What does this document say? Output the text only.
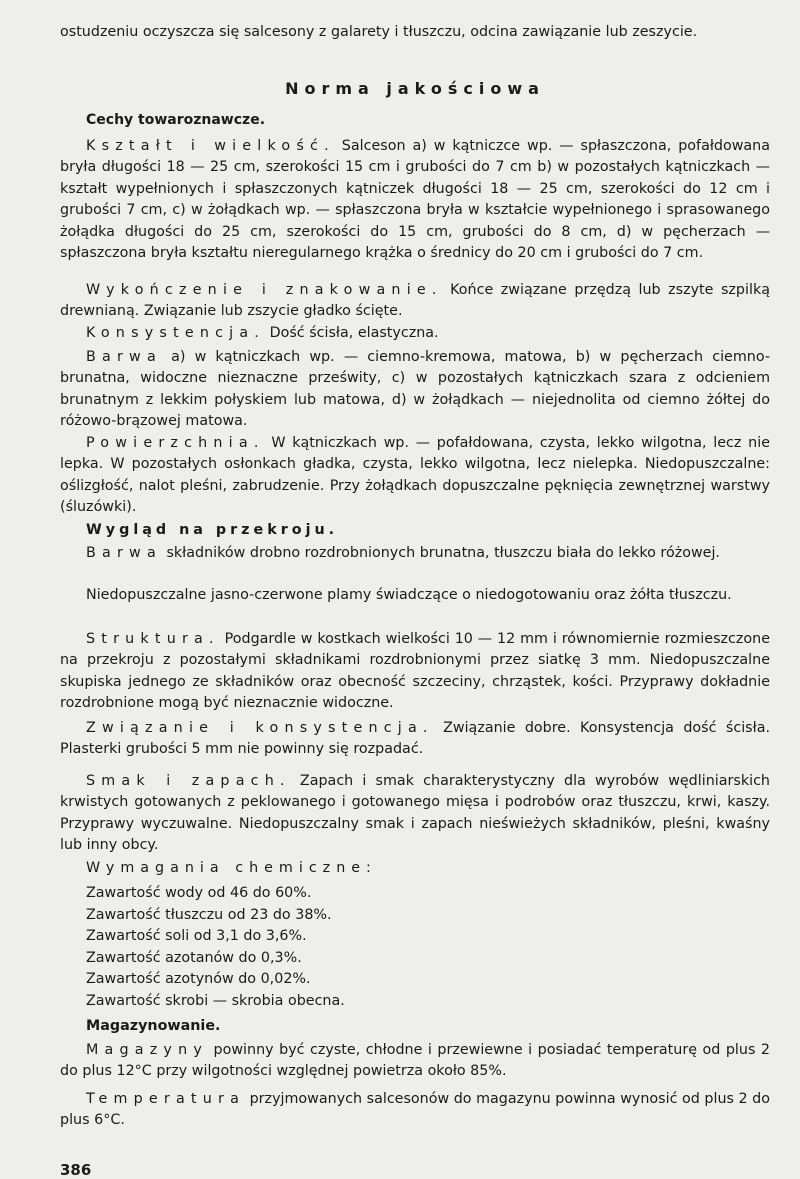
ostudzeniu oczyszcza się salcesony z galarety i tłuszczu, odcina zawiązanie lub zeszycie.

Norma jakościowa
Cechy towaroznawcze.

Kształt i wielkość. Salceson a) w kątniczce wp. — spłaszczona, pofałdowana bryła długości 18 — 25 cm, szerokości 15 cm i grubości do 7 cm b) w pozostałych kątniczkach — kształt wypełnionych i spłaszczonych kątniczek długości 18 — 25 cm, szerokości do 12 cm i grubości 7 cm, c) w żołądkach wp. — spłaszczona bryła w kształcie wypełnionego i sprasowanego żołądka długości do 25 cm, szerokości do 15 cm, grubości do 8 cm, d) w pęcherzach — spłaszczona bryła kształtu nieregularnego krążka o średnicy do 20 cm i grubości do 7 cm.

Wykończenie i znakowanie. Końce związane przędzą lub zszyte szpilką drewnianą. Związanie lub zszycie gładko ścięte.

Konsystencja. Dość ścisła, elastyczna.

Barwa a) w kątniczkach wp. — ciemno-kremowa, matowa, b) w pęcherzach ciemno-brunatna, widoczne nieznaczne prześwity, c) w pozostałych kątniczkach szara z odcieniem brunatnym z lekkim połyskiem lub matowa, d) w żołądkach — niejednolita od ciemno żółtej do różowo-brązowej matowa.

Powierzchnia. W kątniczkach wp. — pofałdowana, czysta, lekko wilgotna, lecz nie lepka. W pozostałych osłonkach gładka, czysta, lekko wilgotna, lecz nielepka. Niedopuszczalne: oślizgłość, nalot pleśni, zabrudzenie. Przy żołądkach dopuszczalne pęknięcia zewnętrznej warstwy (śluzówki).

Wygląd na przekroju.

Barwa składników drobno rozdrobnionych brunatna, tłuszczu biała do lekko różowej.

Niedopuszczalne jasno-czerwone plamy świadczące o niedogotowaniu oraz żółta tłuszczu.

Struktura. Podgardle w kostkach wielkości 10 — 12 mm i równomiernie rozmieszczone na przekroju z pozostałymi składnikami rozdrobnionymi przez siatkę 3 mm. Niedopuszczalne skupiska jednego ze składników oraz obecność szczeciny, chrząstek, kości. Przyprawy dokładnie rozdrobnione mogą być nieznacznie widoczne.

Związanie i konsystencja. Związanie dobre. Konsystencja dość ścisła. Plasterki grubości 5 mm nie powinny się rozpadać.

Smak i zapach. Zapach i smak charakterystyczny dla wyrobów wędliniarskich krwistych gotowanych z peklowanego i gotowanego mięsa i podrobów oraz tłuszczu, krwi, kaszy. Przyprawy wyczuwalne. Niedopuszczalny smak i zapach nieświeżych składników, pleśni, kwaśny lub inny obcy.

Wymagania chemiczne:
Zawartość wody od 46 do 60%.
Zawartość tłuszczu od 23 do 38%.
Zawartość soli od 3,1 do 3,6%.
Zawartość azotanów do 0,3%.
Zawartość azotynów do 0,02%.
Zawartość skrobi — skrobia obecna.
Magazynowanie.

Magazyny powinny być czyste, chłodne i przewiewne i posiadać temperaturę od plus 2 do plus 12°C przy wilgotności względnej powietrza około 85%.

Temperatura przyjmowanych salcesonów do magazynu powinna wynosić od plus 2 do plus 6°C.

386
